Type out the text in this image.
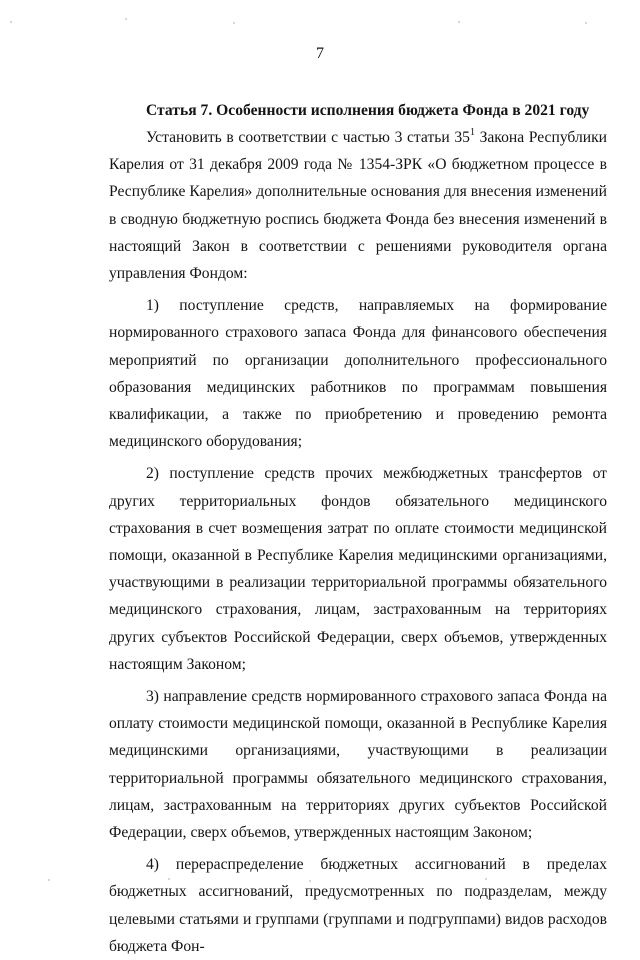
7
Статья 7. Особенности исполнения бюджета Фонда в 2021 году

Установить в соответствии с частью 3 статьи $35^1$ Закона Республики Карелия от 31 декабря 2009 года № 1354-ЗРК «О бюджетном процессе в Республике Карелия» дополнительные основания для внесения изменений в сводную бюджетную роспись бюджета Фонда без внесения изменений в настоящий Закон в соответствии с решениями руководителя органа управления Фондом:

1) поступление средств, направляемых на формирование нормированного страхового запаса Фонда для финансового обеспечения мероприятий по организации дополнительного профессионального образования медицинских работников по программам повышения квалификации, а также по приобретению и проведению ремонта медицинского оборудования;

2) поступление средств прочих межбюджетных трансфертов от других территориальных фондов обязательного медицинского страхования в счет возмещения затрат по оплате стоимости медицинской помощи, оказанной в Республике Карелия медицинскими организациями, участвующими в реализации территориальной программы обязательного медицинского страхования, лицам, застрахованным на территориях других субъектов Российской Федерации, сверх объемов, утвержденных настоящим Законом;

3) направление средств нормированного страхового запаса Фонда на оплату стоимости медицинской помощи, оказанной в Республике Карелия медицинскими организациями, участвующими в реализации территориальной программы обязательного медицинского страхования, лицам, застрахованным на территориях других субъектов Российской Федерации, сверх объемов, утвержденных настоящим Законом;

4) перераспределение бюджетных ассигнований в пределах бюджетных ассигнований, предусмотренных по подразделам, между целевыми статьями и группами (группами и подгруппами) видов расходов бюджета Фон-
